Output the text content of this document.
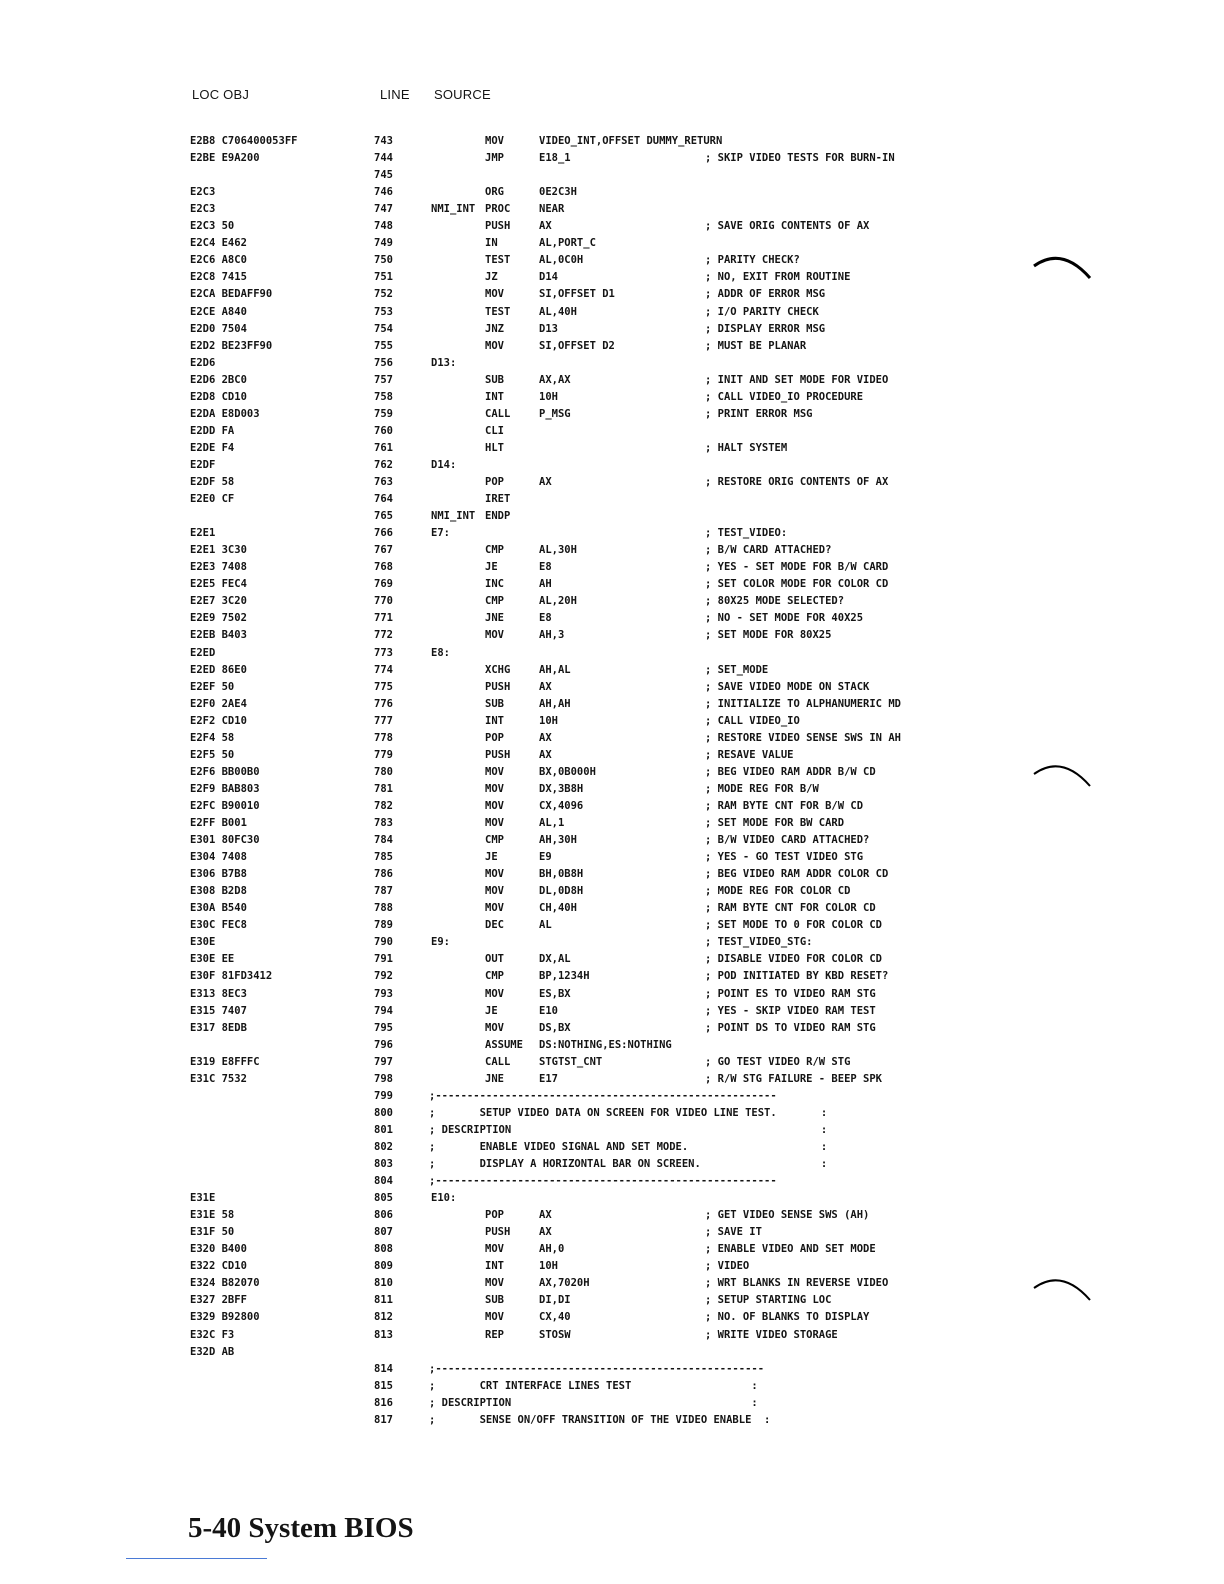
LOC OBJ	LINE SOURCE
E2B8 C706400053FF	743	MOV	VIDEO_INT,OFFSET DUMMY_RETURN
E2BE E9A200	744	JMP	E18_1	; SKIP VIDEO TESTS FOR BURN-IN
745
E2C3	746	ORG	0E2C3H
E2C3	747	NMI_INT PROC	NEAR
E2C3 50	748	PUSH	AX	; SAVE ORIG CONTENTS OF AX
E2C4 E462	749	IN	AL,PORT_C
E2C6 A8C0	750	TEST	AL,0C0H	; PARITY CHECK?
E2C8 7415	751	JZ	D14	; NO, EXIT FROM ROUTINE
E2CA BEDAFF90	752	MOV	SI,OFFSET D1	; ADDR OF ERROR MSG
E2CE A840	753	TEST	AL,40H	; I/O PARITY CHECK
E2D0 7504	754	JNZ	D13	; DISPLAY ERROR MSG
E2D2 BE23FF90	755	MOV	SI,OFFSET D2	; MUST BE PLANAR
E2D6	756	D13:
E2D6 2BC0	757	SUB	AX,AX	; INIT AND SET MODE FOR VIDEO
E2D8 CD10	758	INT	10H	; CALL VIDEO_IO PROCEDURE
E2DA E8D003	759	CALL	P_MSG	; PRINT ERROR MSG
E2DD FA	760	CLI
E2DE F4	761	HLT	; HALT SYSTEM
E2DF	762	D14:
E2DF 58	763	POP	AX	; RESTORE ORIG CONTENTS OF AX
E2E0 CF	764	IRET
765	NMI_INT ENDP
E2E1	766	E7:	; TEST_VIDEO:
E2E1 3C30	767	CMP	AL,30H	; B/W CARD ATTACHED?
E2E3 7408	768	JE	E8	; YES - SET MODE FOR B/W CARD
E2E5 FEC4	769	INC	AH	; SET COLOR MODE FOR COLOR CD
E2E7 3C20	770	CMP	AL,20H	; 80X25 MODE SELECTED?
E2E9 7502	771	JNE	E8	; NO - SET MODE FOR 40X25
E2EB B403	772	MOV	AH,3	; SET MODE FOR 80X25
E2ED	773	E8:
E2ED 86E0	774	XCHG	AH,AL	; SET_MODE
E2EF 50	775	PUSH	AX	; SAVE VIDEO MODE ON STACK
E2F0 2AE4	776	SUB	AH,AH	; INITIALIZE TO ALPHANUMERIC MD
E2F2 CD10	777	INT	10H	; CALL VIDEO_IO
E2F4 58	778	POP	AX	; RESTORE VIDEO SENSE SWS IN AH
E2F5 50	779	PUSH	AX	; RESAVE VALUE
E2F6 BB00B0	780	MOV	BX,0B000H	; BEG VIDEO RAM ADDR B/W CD
E2F9 BAB803	781	MOV	DX,3B8H	; MODE REG FOR B/W
E2FC B90010	782	MOV	CX,4096	; RAM BYTE CNT FOR B/W CD
E2FF B001	783	MOV	AL,1	; SET MODE FOR BW CARD
E301 80FC30	784	CMP	AH,30H	; B/W VIDEO CARD ATTACHED?
E304 7408	785	JE	E9	; YES - GO TEST VIDEO STG
E306 B7B8	786	MOV	BH,0B8H	; BEG VIDEO RAM ADDR COLOR CD
E308 B2D8	787	MOV	DL,0D8H	; MODE REG FOR COLOR CD
E30A B540	788	MOV	CH,40H	; RAM BYTE CNT FOR COLOR CD
E30C FEC8	789	DEC	AL	; SET MODE TO 0 FOR COLOR CD
E30E	790	E9:	; TEST_VIDEO_STG:
E30E EE	791	OUT	DX,AL	; DISABLE VIDEO FOR COLOR CD
E30F 81FD3412	792	CMP	BP,1234H	; POD INITIATED BY KBD RESET?
E313 8EC3	793	MOV	ES,BX	; POINT ES TO VIDEO RAM STG
E315 7407	794	JE	E10	; YES - SKIP VIDEO RAM TEST
E317 8EDB	795	MOV	DS,BX	; POINT DS TO VIDEO RAM STG
796	ASSUME DS:NOTHING,ES:NOTHING
E319 E8FFFC	797	CALL	STGTST_CNT	; GO TEST VIDEO R/W STG
E31C 7532	798	JNE	E17	; R/W STG FAILURE - BEEP SPK
799	;------------------------------------------------------
800	;       SETUP VIDEO DATA ON SCREEN FOR VIDEO LINE TEST.       :
801	; DESCRIPTION                                                 :
802	;       ENABLE VIDEO SIGNAL AND SET MODE.                     :
803	;       DISPLAY A HORIZONTAL BAR ON SCREEN.                   :
804	;------------------------------------------------------
E31E	805	E10:
E31E 58	806	POP	AX	; GET VIDEO SENSE SWS (AH)
E31F 50	807	PUSH	AX	; SAVE IT
E320 B400	808	MOV	AH,0	; ENABLE VIDEO AND SET MODE
E322 CD10	809	INT	10H	; VIDEO
E324 B82070	810	MOV	AX,7020H	; WRT BLANKS IN REVERSE VIDEO
E327 2BFF	811	SUB	DI,DI	; SETUP STARTING LOC
E329 B92800	812	MOV	CX,40	; NO. OF BLANKS TO DISPLAY
E32C F3	813	REP	STOSW	; WRITE VIDEO STORAGE
E32D AB
814	;----------------------------------------------------
815	;       CRT INTERFACE LINES TEST                   :
816	; DESCRIPTION                                      :
817	;       SENSE ON/OFF TRANSITION OF THE VIDEO ENABLE  :
5-40 System BIOS
